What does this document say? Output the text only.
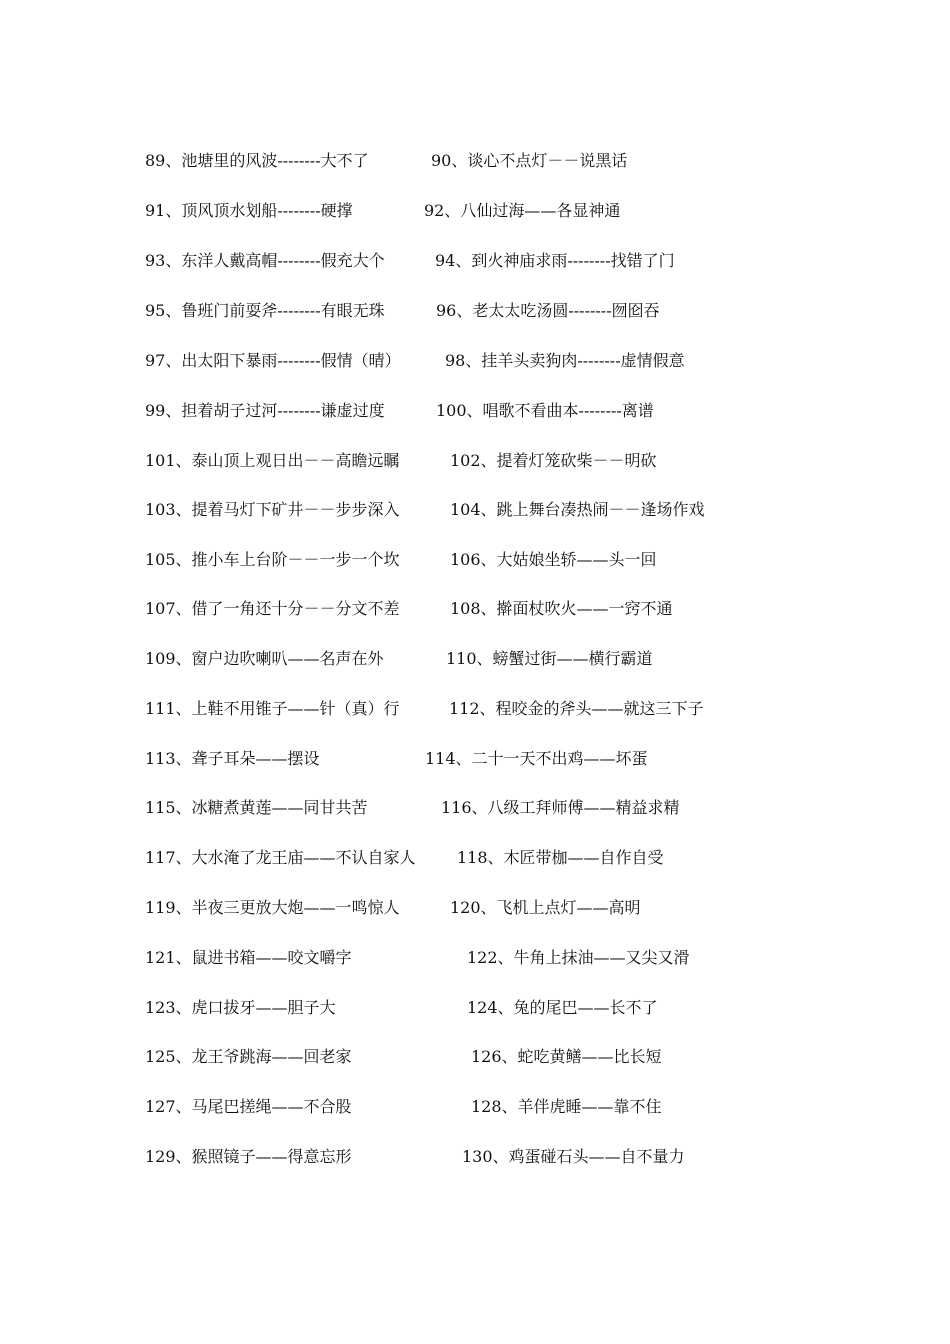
89、池塘里的风波--------大不了	90、谈心不点灯－－说黑话
91、顶风顶水划船--------硬撑	92、八仙过海——各显神通
93、东洋人戴高帽--------假充大个	94、到火神庙求雨--------找错了门
95、鲁班门前耍斧--------有眼无珠	96、老太太吃汤圆--------囫囵吞
97、出太阳下暴雨--------假情（晴）	98、挂羊头卖狗肉--------虚情假意
99、担着胡子过河--------谦虚过度	100、唱歌不看曲本--------离谱
101、泰山顶上观日出－－高瞻远瞩	102、提着灯笼砍柴－－明砍
103、提着马灯下矿井－－步步深入	104、跳上舞台凑热闹－－逢场作戏
105、推小车上台阶－－一步一个坎	106、大姑娘坐轿——头一回
107、借了一角还十分－－分文不差	108、擀面杖吹火——一窍不通
109、窗户边吹喇叭——名声在外	110、螃蟹过街——横行霸道
111、上鞋不用锥子——针（真）行	112、程咬金的斧头——就这三下子
113、聋子耳朵——摆设	114、二十一天不出鸡——坏蛋
115、冰糖煮黄莲——同甘共苦	116、八级工拜师傅——精益求精
117、大水淹了龙王庙——不认自家人	118、木匠带枷——自作自受
119、半夜三更放大炮——一鸣惊人	120、飞机上点灯——高明
121、鼠进书箱——咬文嚼字	122、牛角上抹油——又尖又滑
123、虎口拔牙——胆子大	124、兔的尾巴——长不了
125、龙王爷跳海——回老家	126、蛇吃黄鳝——比长短
127、马尾巴搓绳——不合股	128、羊伴虎睡——靠不住
129、猴照镜子——得意忘形	130、鸡蛋碰石头——自不量力
